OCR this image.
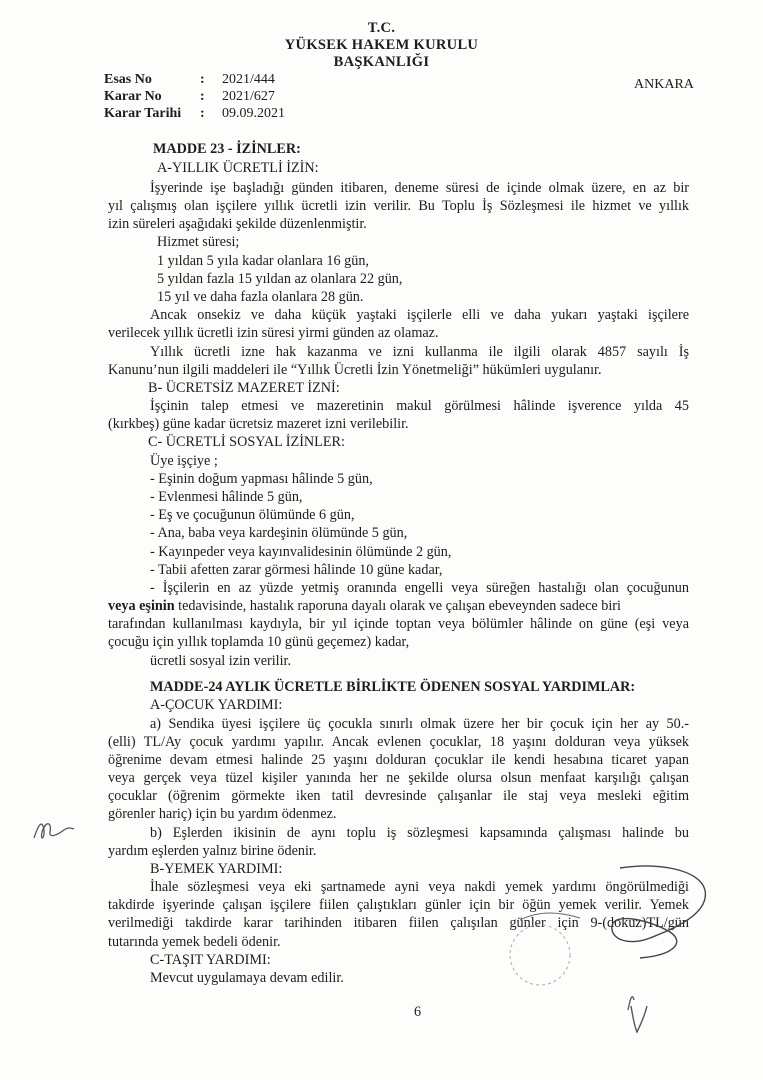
T.C.
YÜKSEK HAKEM KURULU
BAŞKANLIĞI
ANKARA
Esas No	: 2021/444
Karar No	: 2021/627
Karar Tarihi : 09.09.2021
MADDE 23 - İZİNLER:
A-YILLIK ÜCRETLİ İZİN:
İşyerinde işe başladığı günden itibaren, deneme süresi de içinde olmak üzere, en az bir
yıl çalışmış olan işçilere yıllık ücretli izin verilir. Bu Toplu İş Sözleşmesi ile hizmet ve yıllık
izin süreleri aşağıdaki şekilde düzenlenmiştir.
Hizmet süresi;
1 yıldan 5 yıla kadar olanlara 16 gün,
5 yıldan fazla 15 yıldan az olanlara 22 gün,
15 yıl ve daha fazla olanlara 28 gün.
Ancak onsekiz ve daha küçük yaştaki işçilerle elli ve daha yukarı yaştaki işçilere
verilecek yıllık ücretli izin süresi yirmi günden az olamaz.
Yıllık ücretli izne hak kazanma ve izni kullanma ile ilgili olarak 4857 sayılı İş
Kanunu’nun ilgili maddeleri ile “Yıllık Ücretli İzin Yönetmeliği” hükümleri uygulanır.
B- ÜCRETSİZ MAZERET İZNİ:
İşçinin talep etmesi ve mazeretinin makul görülmesi hâlinde işverence yılda 45
(kırkbeş) güne kadar ücretsiz mazeret izni verilebilir.
C- ÜCRETLİ SOSYAL İZİNLER:
Üye işçiye ;
- Eşinin doğum yapması hâlinde 5 gün,
- Evlenmesi hâlinde 5 gün,
- Eş ve çocuğunun ölümünde 6 gün,
- Ana, baba veya kardeşinin ölümünde 5 gün,
- Kayınpeder veya kayınvalidesinin ölümünde 2 gün,
- Tabii afetten zarar görmesi hâlinde 10 güne kadar,
- İşçilerin en az yüzde yetmiş oranında engelli veya süreğen hastalığı olan çocuğunun
veya eşinin tedavisinde, hastalık raporuna dayalı olarak ve çalışan ebeveynden sadece biri
tarafından kullanılması kaydıyla, bir yıl içinde toptan veya bölümler hâlinde on güne (eşi veya
çocuğu için yıllık toplamda 10 günü geçemez) kadar,
ücretli sosyal izin verilir.
MADDE-24 AYLIK ÜCRETLE BİRLİKTE ÖDENEN SOSYAL YARDIMLAR:
A-ÇOCUK YARDIMI:
a) Sendika üyesi işçilere üç çocukla sınırlı olmak üzere her bir çocuk için her ay 50.-
(elli) TL/Ay çocuk yardımı yapılır. Ancak evlenen çocuklar, 18 yaşını dolduran veya yüksek
öğrenime devam etmesi halinde 25 yaşını dolduran çocuklar ile kendi hesabına ticaret yapan
veya gerçek veya tüzel kişiler yanında her ne şekilde olursa olsun menfaat karşılığı çalışan
çocuklar (öğrenim görmekte iken tatil devresinde çalışanlar ile staj veya mesleki eğitim
görenler hariç) için bu yardım ödenmez.
b) Eşlerden ikisinin de aynı toplu iş sözleşmesi kapsamında çalışması halinde bu
yardım eşlerden yalnız birine ödenir.
B-YEMEK YARDIMI:
İhale sözleşmesi veya eki şartnamede ayni veya nakdi yemek yardımı öngörülmediği
takdirde işyerinde çalışan işçilere fiilen çalıştıkları günler için bir öğün yemek verilir. Yemek
verilmediği takdirde karar tarihinden itibaren fiilen çalışılan günler için 9-(dokuz)TL/gün
tutarında yemek bedeli ödenir.
C-TAŞIT YARDIMI:
Mevcut uygulamaya devam edilir.
6
